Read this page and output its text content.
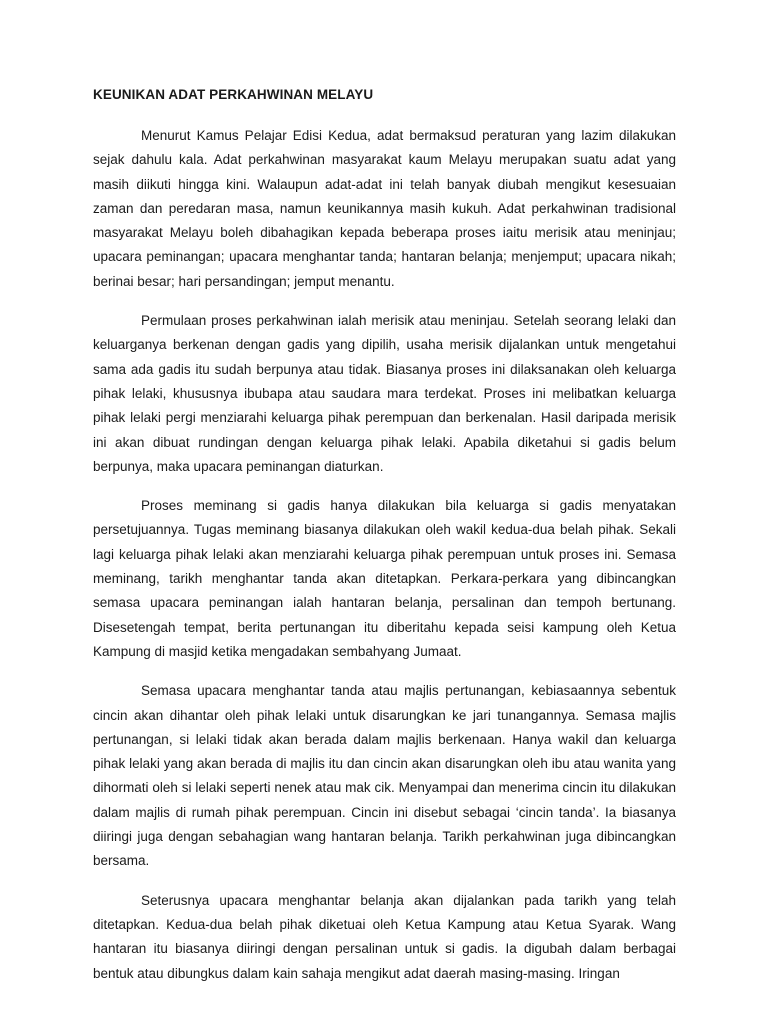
KEUNIKAN ADAT PERKAHWINAN MELAYU

Menurut Kamus Pelajar Edisi Kedua, adat bermaksud peraturan yang lazim dilakukan sejak dahulu kala. Adat perkahwinan masyarakat kaum Melayu merupakan suatu adat yang masih diikuti hingga kini. Walaupun adat-adat ini telah banyak diubah mengikut kesesuaian zaman dan peredaran masa, namun keunikannya masih kukuh. Adat perkahwinan tradisional masyarakat Melayu boleh dibahagikan kepada beberapa proses iaitu merisik atau meninjau; upacara peminangan; upacara menghantar tanda; hantaran belanja; menjemput; upacara nikah; berinai besar; hari persandingan; jemput menantu.

Permulaan proses perkahwinan ialah merisik atau meninjau. Setelah seorang lelaki dan keluarganya berkenan dengan gadis yang dipilih, usaha merisik dijalankan untuk mengetahui sama ada gadis itu sudah berpunya atau tidak. Biasanya proses ini dilaksanakan oleh keluarga pihak lelaki, khususnya ibubapa atau saudara mara terdekat. Proses ini melibatkan keluarga pihak lelaki pergi menziarahi keluarga pihak perempuan dan berkenalan. Hasil daripada merisik ini akan dibuat rundingan dengan keluarga pihak lelaki. Apabila diketahui si gadis belum berpunya, maka upacara peminangan diaturkan.

Proses meminang si gadis hanya dilakukan bila keluarga si gadis menyatakan persetujuannya. Tugas meminang biasanya dilakukan oleh wakil kedua-dua belah pihak. Sekali lagi keluarga pihak lelaki akan menziarahi keluarga pihak perempuan untuk proses ini. Semasa meminang, tarikh menghantar tanda akan ditetapkan. Perkara-perkara yang dibincangkan semasa upacara peminangan ialah hantaran belanja, persalinan dan tempoh bertunang. Disesetengah tempat, berita pertunangan itu diberitahu kepada seisi kampung oleh Ketua Kampung di masjid ketika mengadakan sembahyang Jumaat.

Semasa upacara menghantar tanda atau majlis pertunangan, kebiasaannya sebentuk cincin akan dihantar oleh pihak lelaki untuk disarungkan ke jari tunangannya. Semasa majlis pertunangan, si lelaki tidak akan berada dalam majlis berkenaan. Hanya wakil dan keluarga pihak lelaki yang akan berada di majlis itu dan cincin akan disarungkan oleh ibu atau wanita yang dihormati oleh si lelaki seperti nenek atau mak cik. Menyampai dan menerima cincin itu dilakukan dalam majlis di rumah pihak perempuan. Cincin ini disebut sebagai ‘cincin tanda’. Ia biasanya diiringi juga dengan sebahagian wang hantaran belanja. Tarikh perkahwinan juga dibincangkan bersama.

Seterusnya upacara menghantar belanja akan dijalankan pada tarikh yang telah ditetapkan. Kedua-dua belah pihak diketuai oleh Ketua Kampung atau Ketua Syarak. Wang hantaran itu biasanya diiringi dengan persalinan untuk si gadis. Ia digubah dalam berbagai bentuk atau dibungkus dalam kain sahaja mengikut adat daerah masing-masing. Iringan
